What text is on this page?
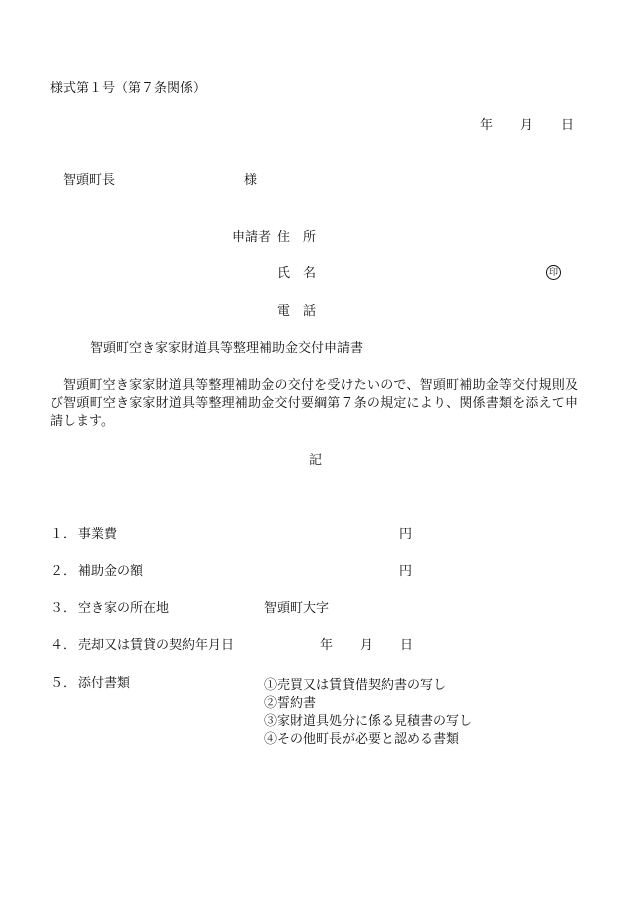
様式第１号（第７条関係）

年 月 日

智頭町長	様

申請者 住　所

氏　名	印

電　話

智頭町空き家家財道具等整理補助金交付申請書

智頭町空き家家財道具等整理補助金の交付を受けたいので、智頭町補助金等交付規則及び智頭町空き家家財道具等整理補助金交付要綱第７条の規定により、関係書類を添えて申請します。

記

１． 事業費	円

２． 補助金の額	円

３． 空き家の所在地	智頭町大字

４． 売却又は賃貸の契約年月日	年 月 日

５． 添付書類	①売買又は賃貸借契約書の写し
②誓約書
③家財道具処分に係る見積書の写し
④その他町長が必要と認める書類
